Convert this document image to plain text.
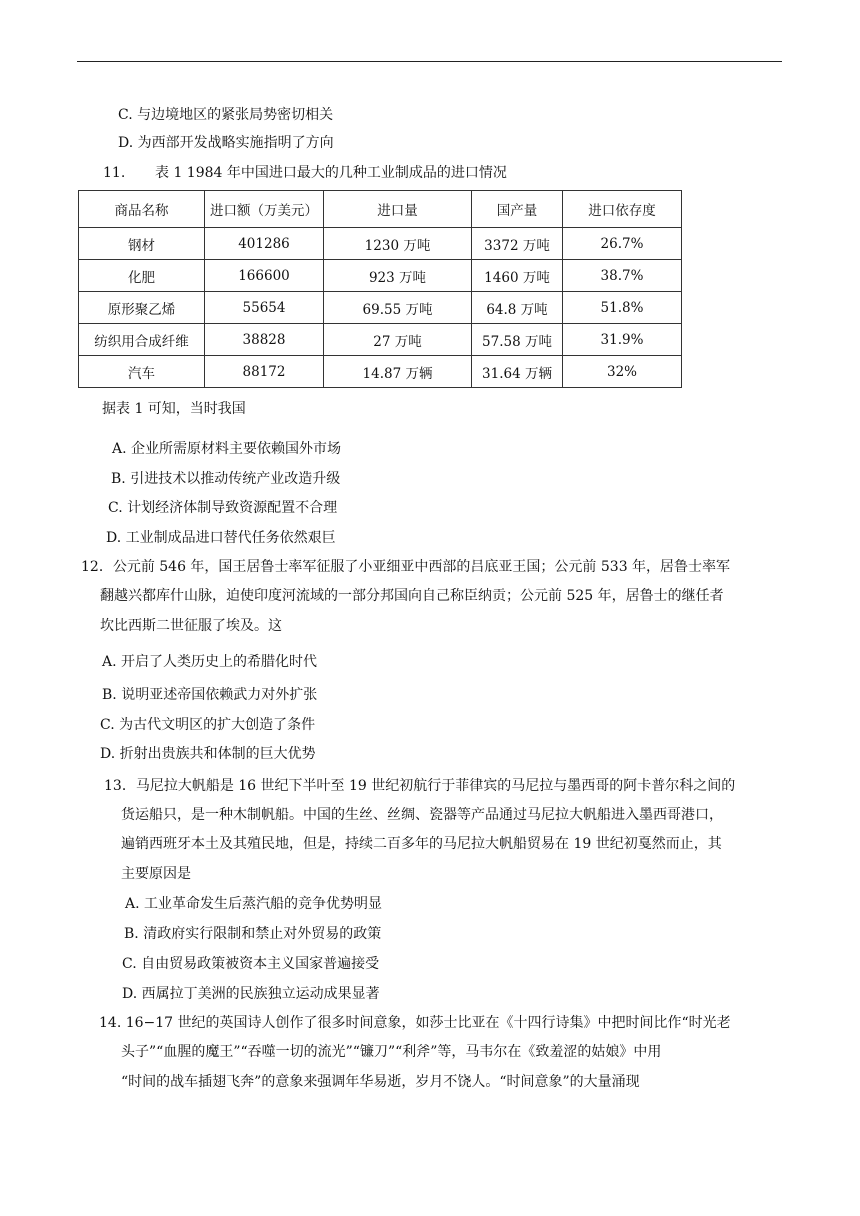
C. 与边境地区的紧张局势密切相关
D. 为西部开发战略实施指明了方向
11. 表 1 1984 年中国进口最大的几种工业制成品的进口情况
商品名称	进口额（万美元）	进口量	国产量	进口依存度
钢材	401286	1230 万吨	3372 万吨	26.7%
化肥	166600	923 万吨	1460 万吨	38.7%
原形聚乙烯	55654	69.55 万吨	64.8 万吨	51.8%
纺织用合成纤维	38828	27 万吨	57.58 万吨	31.9%
汽车	88172	14.87 万辆	31.64 万辆	32%
据表 1 可知，当时我国
A. 企业所需原材料主要依赖国外市场
B. 引进技术以推动传统产业改造升级
C. 计划经济体制导致资源配置不合理
D. 工业制成品进口替代任务依然艰巨
12．公元前 546 年，国王居鲁士率军征服了小亚细亚中西部的吕底亚王国；公元前 533 年，居鲁士率军
翻越兴都库什山脉，迫使印度河流域的一部分邦国向自己称臣纳贡；公元前 525 年，居鲁士的继任者
坎比西斯二世征服了埃及。这
A. 开启了人类历史上的希腊化时代
B. 说明亚述帝国依赖武力对外扩张
C. 为古代文明区的扩大创造了条件
D. 折射出贵族共和体制的巨大优势
13．马尼拉大帆船是 16 世纪下半叶至 19 世纪初航行于菲律宾的马尼拉与墨西哥的阿卡普尔科之间的
货运船只，是一种木制帆船。中国的生丝、丝绸、瓷器等产品通过马尼拉大帆船进入墨西哥港口，
遍销西班牙本土及其殖民地，但是，持续二百多年的马尼拉大帆船贸易在 19 世纪初戛然而止，其
主要原因是
A. 工业革命发生后蒸汽船的竞争优势明显
B. 清政府实行限制和禁止对外贸易的政策
C. 自由贸易政策被资本主义国家普遍接受
D. 西属拉丁美洲的民族独立运动成果显著
14. 16−17 世纪的英国诗人创作了很多时间意象，如莎士比亚在《十四行诗集》中把时间比作“时光老
头子”“血腥的魔王”“吞噬一切的流光”“镰刀”“利斧”等，马韦尔在《致羞涩的姑娘》中用
“时间的战车插翅飞奔”的意象来强调年华易逝，岁月不饶人。“时间意象”的大量涌现
